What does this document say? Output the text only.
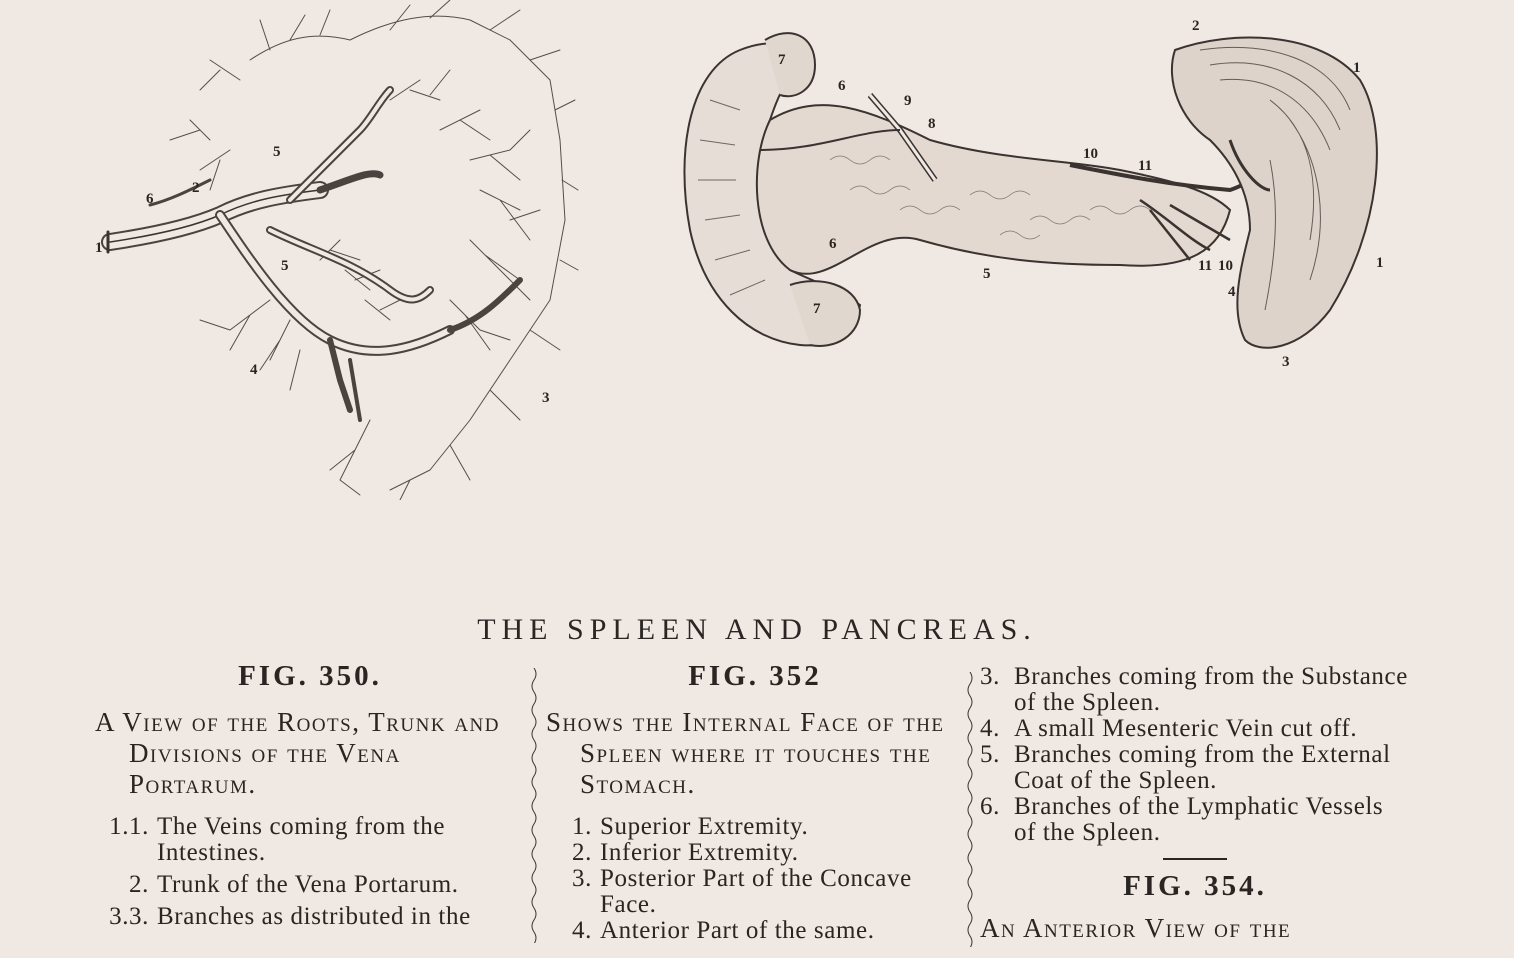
1
2
3
4
5
5
6
1
1
2
3
4
5
6
6
7
7
8
9
10
10
11
11
THE SPLEEN AND PANCREAS.
FIG. 350.

A View of the Roots, Trunk and Divisions of the Vena Portarum.

1.1. The Veins coming from the Intestines.
2. Trunk of the Vena Portarum.
3.3. Branches as distributed in the
FIG. 352

Shows the Internal Face of the Spleen where it touches the Stomach.

1. Superior Extremity.
2. Inferior Extremity.
3. Posterior Part of the Concave Face.
4. Anterior Part of the same.
3. Branches coming from the Substance of the Spleen.
4. A small Mesenteric Vein cut off.
5. Branches coming from the External Coat of the Spleen.
6. Branches of the Lymphatic Vessels of the Spleen.
FIG. 354.

An Anterior View of the
